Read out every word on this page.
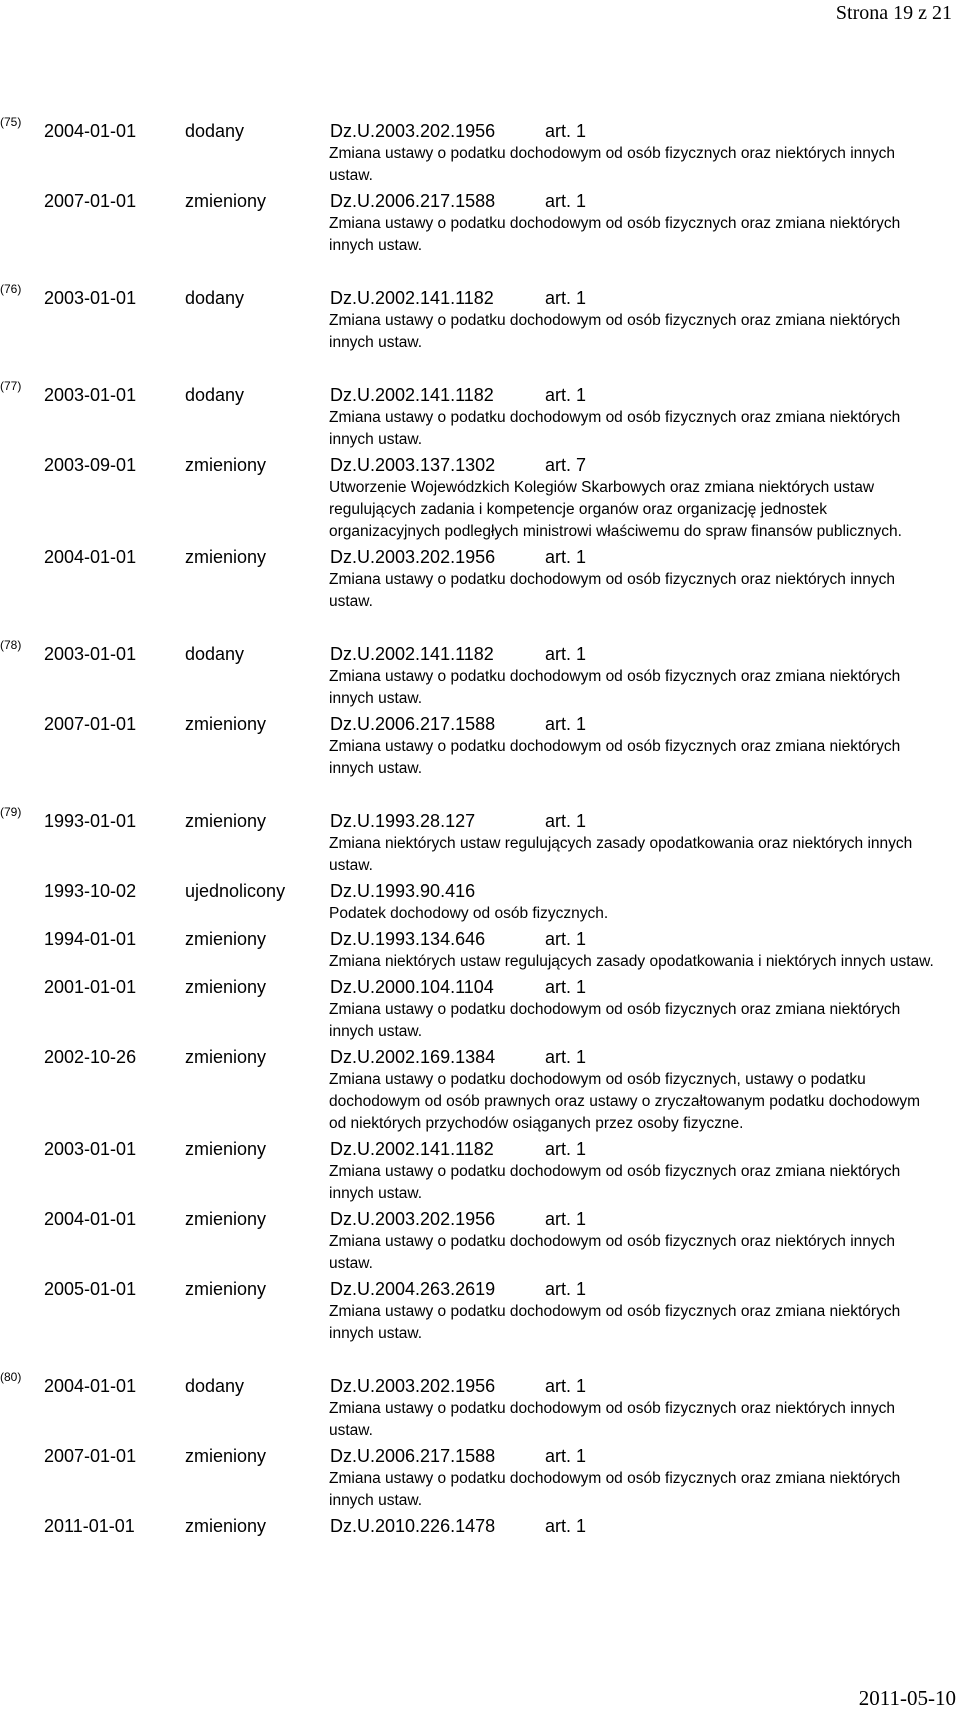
Strona 19 z 21
(75) 2004-01-01	dodany	Dz.U.2003.202.1956	art. 1
Zmiana ustawy o podatku dochodowym od osób fizycznych oraz niektórych innych ustaw.
2007-01-01	zmieniony	Dz.U.2006.217.1588	art. 1
Zmiana ustawy o podatku dochodowym od osób fizycznych oraz zmiana niektórych innych ustaw.
(76) 2003-01-01	dodany	Dz.U.2002.141.1182	art. 1
Zmiana ustawy o podatku dochodowym od osób fizycznych oraz zmiana niektórych innych ustaw.
(77) 2003-01-01	dodany	Dz.U.2002.141.1182	art. 1
Zmiana ustawy o podatku dochodowym od osób fizycznych oraz zmiana niektórych innych ustaw.
2003-09-01	zmieniony	Dz.U.2003.137.1302	art. 7
Utworzenie Wojewódzkich Kolegiów Skarbowych oraz zmiana niektórych ustaw regulujących zadania i kompetencje organów oraz organizację jednostek organizacyjnych podległych ministrowi właściwemu do spraw finansów publicznych.
2004-01-01	zmieniony	Dz.U.2003.202.1956	art. 1
Zmiana ustawy o podatku dochodowym od osób fizycznych oraz niektórych innych ustaw.
(78) 2003-01-01	dodany	Dz.U.2002.141.1182	art. 1
Zmiana ustawy o podatku dochodowym od osób fizycznych oraz zmiana niektórych innych ustaw.
2007-01-01	zmieniony	Dz.U.2006.217.1588	art. 1
Zmiana ustawy o podatku dochodowym od osób fizycznych oraz zmiana niektórych innych ustaw.
(79) 1993-01-01	zmieniony	Dz.U.1993.28.127	art. 1
Zmiana niektórych ustaw regulujących zasady opodatkowania oraz niektórych innych ustaw.
1993-10-02	ujednolicony Dz.U.1993.90.416
Podatek dochodowy od osób fizycznych.
1994-01-01	zmieniony	Dz.U.1993.134.646	art. 1
Zmiana niektórych ustaw regulujących zasady opodatkowania i niektórych innych ustaw.
2001-01-01	zmieniony	Dz.U.2000.104.1104	art. 1
Zmiana ustawy o podatku dochodowym od osób fizycznych oraz zmiana niektórych innych ustaw.
2002-10-26	zmieniony	Dz.U.2002.169.1384	art. 1
Zmiana ustawy o podatku dochodowym od osób fizycznych, ustawy o podatku dochodowym od osób prawnych oraz ustawy o zryczałtowanym podatku dochodowym od niektórych przychodów osiąganych przez osoby fizyczne.
2003-01-01	zmieniony	Dz.U.2002.141.1182	art. 1
Zmiana ustawy o podatku dochodowym od osób fizycznych oraz zmiana niektórych innych ustaw.
2004-01-01	zmieniony	Dz.U.2003.202.1956	art. 1
Zmiana ustawy o podatku dochodowym od osób fizycznych oraz niektórych innych ustaw.
2005-01-01	zmieniony	Dz.U.2004.263.2619	art. 1
Zmiana ustawy o podatku dochodowym od osób fizycznych oraz zmiana niektórych innych ustaw.
(80) 2004-01-01	dodany	Dz.U.2003.202.1956	art. 1
Zmiana ustawy o podatku dochodowym od osób fizycznych oraz niektórych innych ustaw.
2007-01-01	zmieniony	Dz.U.2006.217.1588	art. 1
Zmiana ustawy o podatku dochodowym od osób fizycznych oraz zmiana niektórych innych ustaw.
2011-01-01	zmieniony	Dz.U.2010.226.1478	art. 1
2011-05-10
